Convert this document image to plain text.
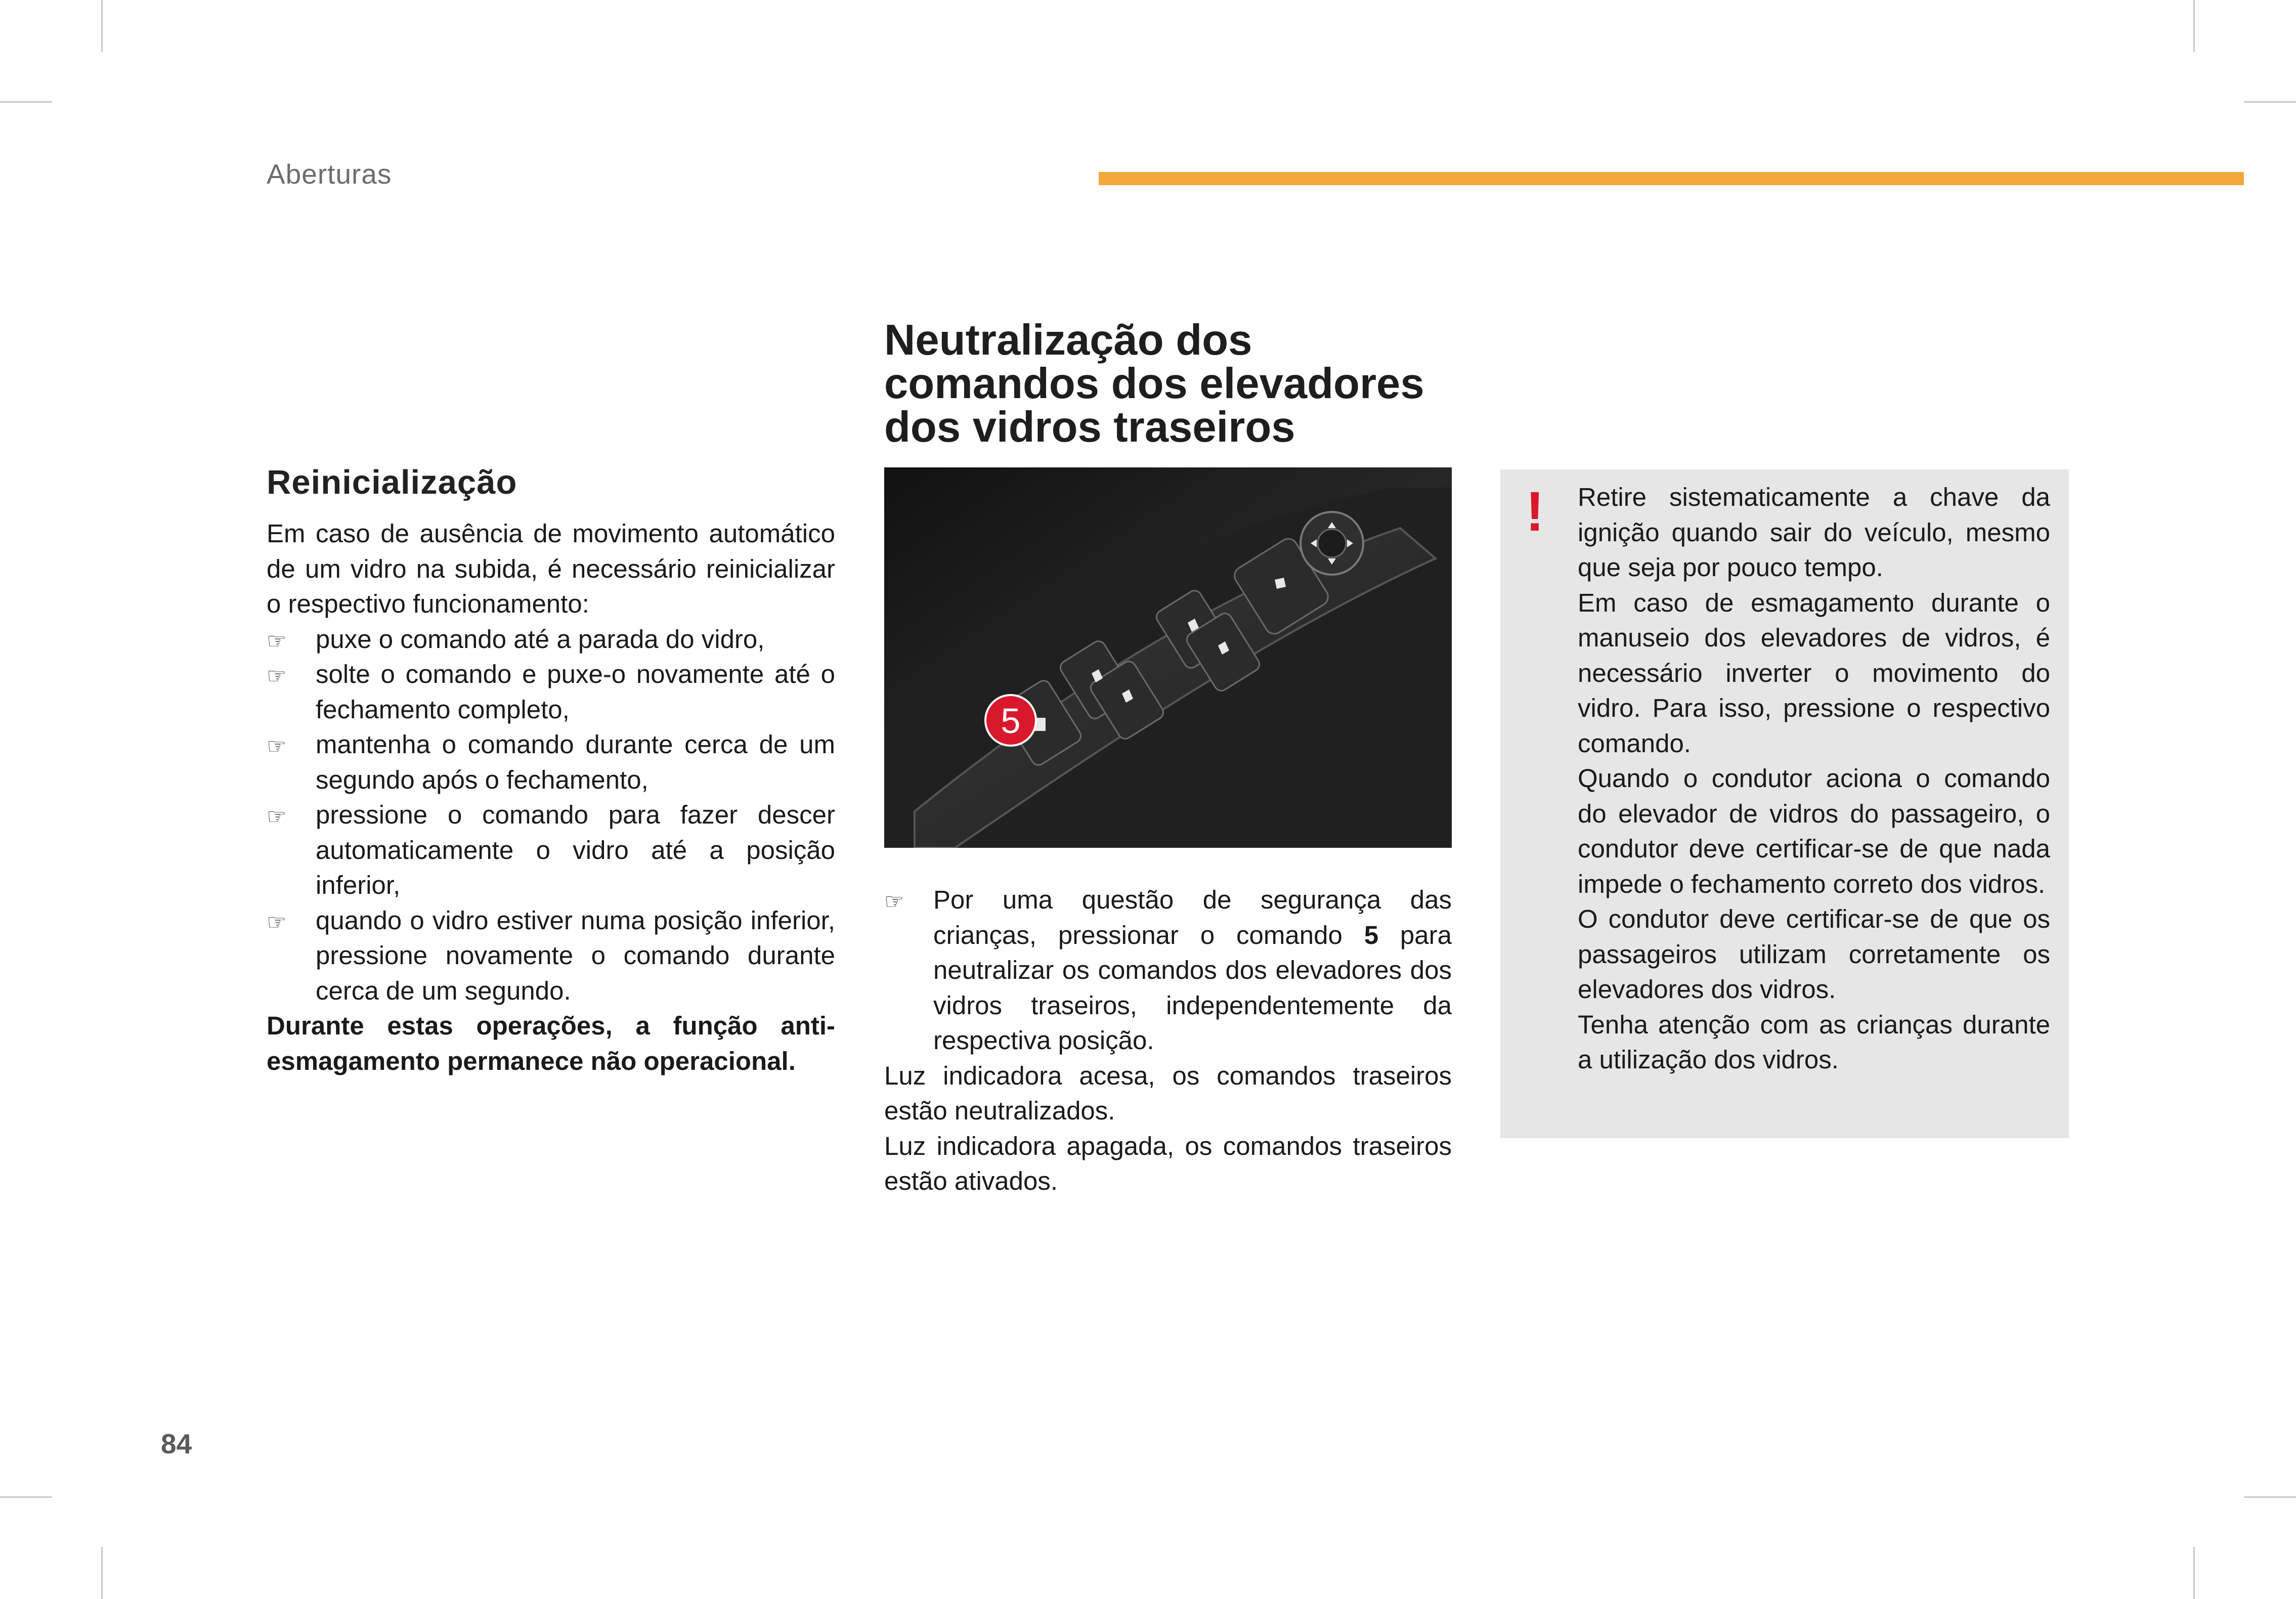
Aberturas
Reinicialização

Em caso de ausência de movimento automático de um vidro na subida, é necessário reinicializar o respectivo funcionamento:

☞ puxe o comando até a parada do vidro,
☞ solte o comando e puxe-o novamente até o fechamento completo,
☞ mantenha o comando durante cerca de um segundo após o fechamento,
☞ pressione o comando para fazer descer automaticamente o vidro até a posição inferior,
☞ quando o vidro estiver numa posição inferior, pressione novamente o comando durante cerca de um segundo.

Durante estas operações, a função anti-esmagamento permanece não operacional.

Neutralização dos comandos dos elevadores dos vidros traseiros
5
☞ Por uma questão de segurança das crianças, pressionar o comando 5 para neutralizar os comandos dos elevadores dos vidros traseiros, independentemente da respectiva posição.

Luz indicadora acesa, os comandos traseiros estão neutralizados.

Luz indicadora apagada, os comandos traseiros estão ativados.

! Retire sistematicamente a chave da ignição quando sair do veículo, mesmo que seja por pouco tempo.

Em caso de esmagamento durante o manuseio dos elevadores de vidros, é necessário inverter o movimento do vidro. Para isso, pressione o respectivo comando.

Quando o condutor aciona o comando do elevador de vidros do passageiro, o condutor deve certificar-se de que nada impede o fechamento correto dos vidros.

O condutor deve certificar-se de que os passageiros utilizam corretamente os elevadores dos vidros.

Tenha atenção com as crianças durante a utilização dos vidros.

84
